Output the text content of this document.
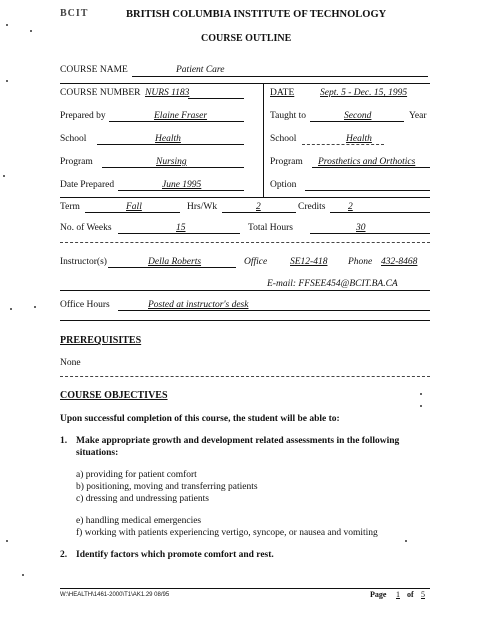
BCIT	BRITISH COLUMBIA INSTITUTE OF TECHNOLOGY
COURSE OUTLINE
COURSE NAME	Patient Care
COURSE NUMBER NURS 1183	DATE	Sept. 5 - Dec. 15, 1995
Prepared by	Elaine Fraser	Taught to	Second	Year
School	Health	School	Health
Program	Nursing	Program Prosthetics and Orthotics
Date Prepared	June 1995	Option
Term	Fall	Hrs/Wk	2	Credits 2
No. of Weeks	15	Total Hours	30
Instructor(s)	Della Roberts	Office SE12-418 Phone 432-8468
E-mail: FFSEE454@BCIT.BA.CA
Office Hours	Posted at instructor's desk
PREREQUISITES
None
COURSE OBJECTIVES
Upon successful completion of this course, the student will be able to:
1. Make appropriate growth and development related assessments in the following
situations:
a) providing for patient comfort
b) positioning, moving and transferring patients
c) dressing and undressing patients
e) handling medical emergencies
f) working with patients experiencing vertigo, syncope, or nausea and vomiting
2. Identify factors which promote comfort and rest.
W:\HEALTH\1461-2000\T1\AK1.29 08/95	Page 1 of 5
